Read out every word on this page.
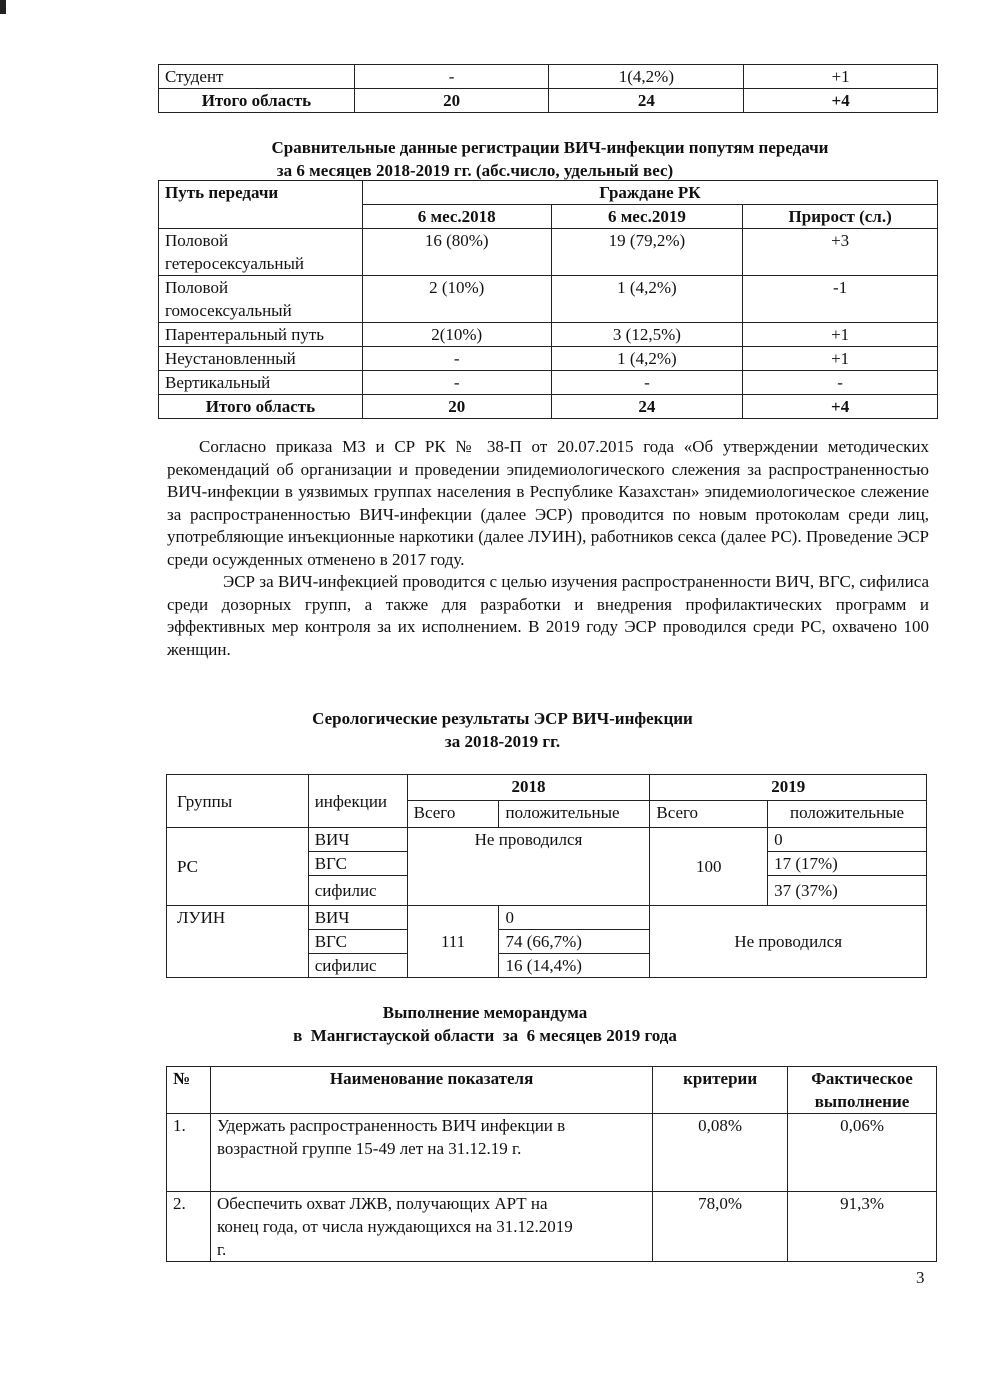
Студент	-	1(4,2%)	+1
Итого область	20	24	+4
Сравнительные данные регистрации ВИЧ-инфекции попутям передачи
за 6 месяцев 2018-2019 гг. (абс.число, удельный вес)
Путь передачи	Граждане РК		
	6 мес.2018	6 мес.2019	Прирост (сл.)

Половой
гетеросексуальный	16 (80%)	19 (79,2%)	+3

Половой
гомосексуальный	2 (10%)	1 (4,2%)	-1
Парентеральный путь	2(10%)	3 (12,5%)	+1
Неустановленный	-	1 (4,2%)	+1
Вертикальный	-	-	-
Итого область	20	24	+4

Согласно приказа МЗ и СР РК № 38-П от 20.07.2015 года «Об утверждении методических рекомендаций об организации и проведении эпидемиологического слежения за распространенностью ВИЧ-инфекции в уязвимых группах населения в Республике Казахстан» эпидемиологическое слежение за распространенностью ВИЧ-инфекции (далее ЭСР) проводится по новым протоколам среди лиц, употребляющие инъекционные наркотики (далее ЛУИН), работников секса (далее РС). Проведение ЭСР среди осужденных отменено в 2017 году.

ЭСР за ВИЧ-инфекцией проводится с целью изучения распространенности ВИЧ, ВГС, сифилиса среди дозорных групп, а также для разработки и внедрения профилактических программ и эффективных мер контроля за их исполнением. В 2019 году ЭСР проводился среди РС, охвачено 100 женщин.

Серологические результаты ЭСР ВИЧ-инфекции
за 2018-2019 гг.
Группы	инфекции	2018		2019	
		Всего	положительные	Всего	положительные
РС	ВИЧ	Не проводился		100	0
	ВГС				17 (17%)
	сифилис				37 (37%)
ЛУИН	ВИЧ	111	0	Не проводился	
	ВГС		74 (66,7%)		
	сифилис		16 (14,4%)		
Выполнение меморандума
в  Мангистауской области  за  6 месяцев 2019 года
№	Наименование показателя	критерии	Фактическое
выполнение

1.	Удержать распространенность ВИЧ инфекции в
возрастной группе 15-49 лет на 31.12.19 г.	0,08%	0,06%
2.	Обеспечить охват ЛЖВ, получающих АРТ на
конец года, от числа нуждающихся на 31.12.2019
г.	78,0%	91,3%
3
